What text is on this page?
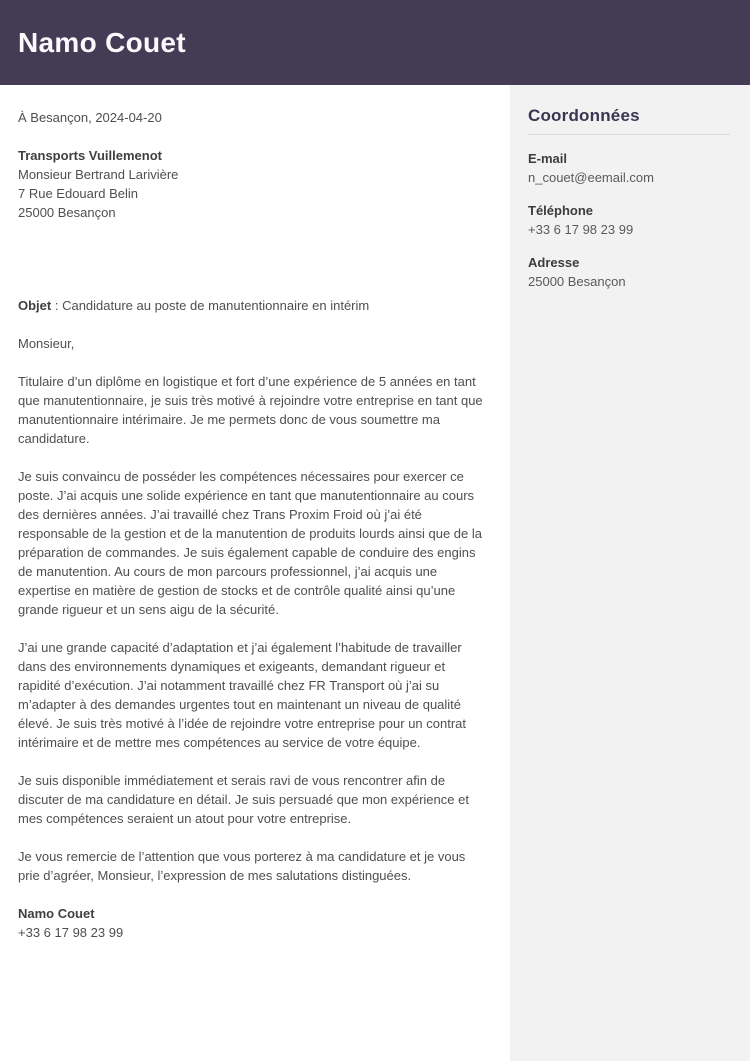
Namo Couet

À Besançon, 2024-04-20

Transports Vuillemenot
Monsieur Bertrand Larivière
7 Rue Edouard Belin
25000 Besançon

Objet : Candidature au poste de manutentionnaire en intérim

Monsieur,

Titulaire d’un diplôme en logistique et fort d’une expérience de 5 années en tant que manutentionnaire, je suis très motivé à rejoindre votre entreprise en tant que manutentionnaire intérimaire. Je me permets donc de vous soumettre ma candidature.

Je suis convaincu de posséder les compétences nécessaires pour exercer ce poste. J’ai acquis une solide expérience en tant que manutentionnaire au cours des dernières années. J’ai travaillé chez Trans Proxim Froid où j’ai été responsable de la gestion et de la manutention de produits lourds ainsi que de la préparation de commandes. Je suis également capable de conduire des engins de manutention. Au cours de mon parcours professionnel, j’ai acquis une expertise en matière de gestion de stocks et de contrôle qualité ainsi qu’une grande rigueur et un sens aigu de la sécurité.

J’ai une grande capacité d’adaptation et j’ai également l’habitude de travailler dans des environnements dynamiques et exigeants, demandant rigueur et rapidité d’exécution. J’ai notamment travaillé chez FR Transport où j’ai su m’adapter à des demandes urgentes tout en maintenant un niveau de qualité élevé. Je suis très motivé à l’idée de rejoindre votre entreprise pour un contrat intérimaire et de mettre mes compétences au service de votre équipe.

Je suis disponible immédiatement et serais ravi de vous rencontrer afin de discuter de ma candidature en détail. Je suis persuadé que mon expérience et mes compétences seraient un atout pour votre entreprise.

Je vous remercie de l’attention que vous porterez à ma candidature et je vous prie d’agréer, Monsieur, l’expression de mes salutations distinguées.

Namo Couet
+33 6 17 98 23 99
Coordonnées
E-mail
n_couet@eemail.com
Téléphone
+33 6 17 98 23 99
Adresse
25000 Besançon
